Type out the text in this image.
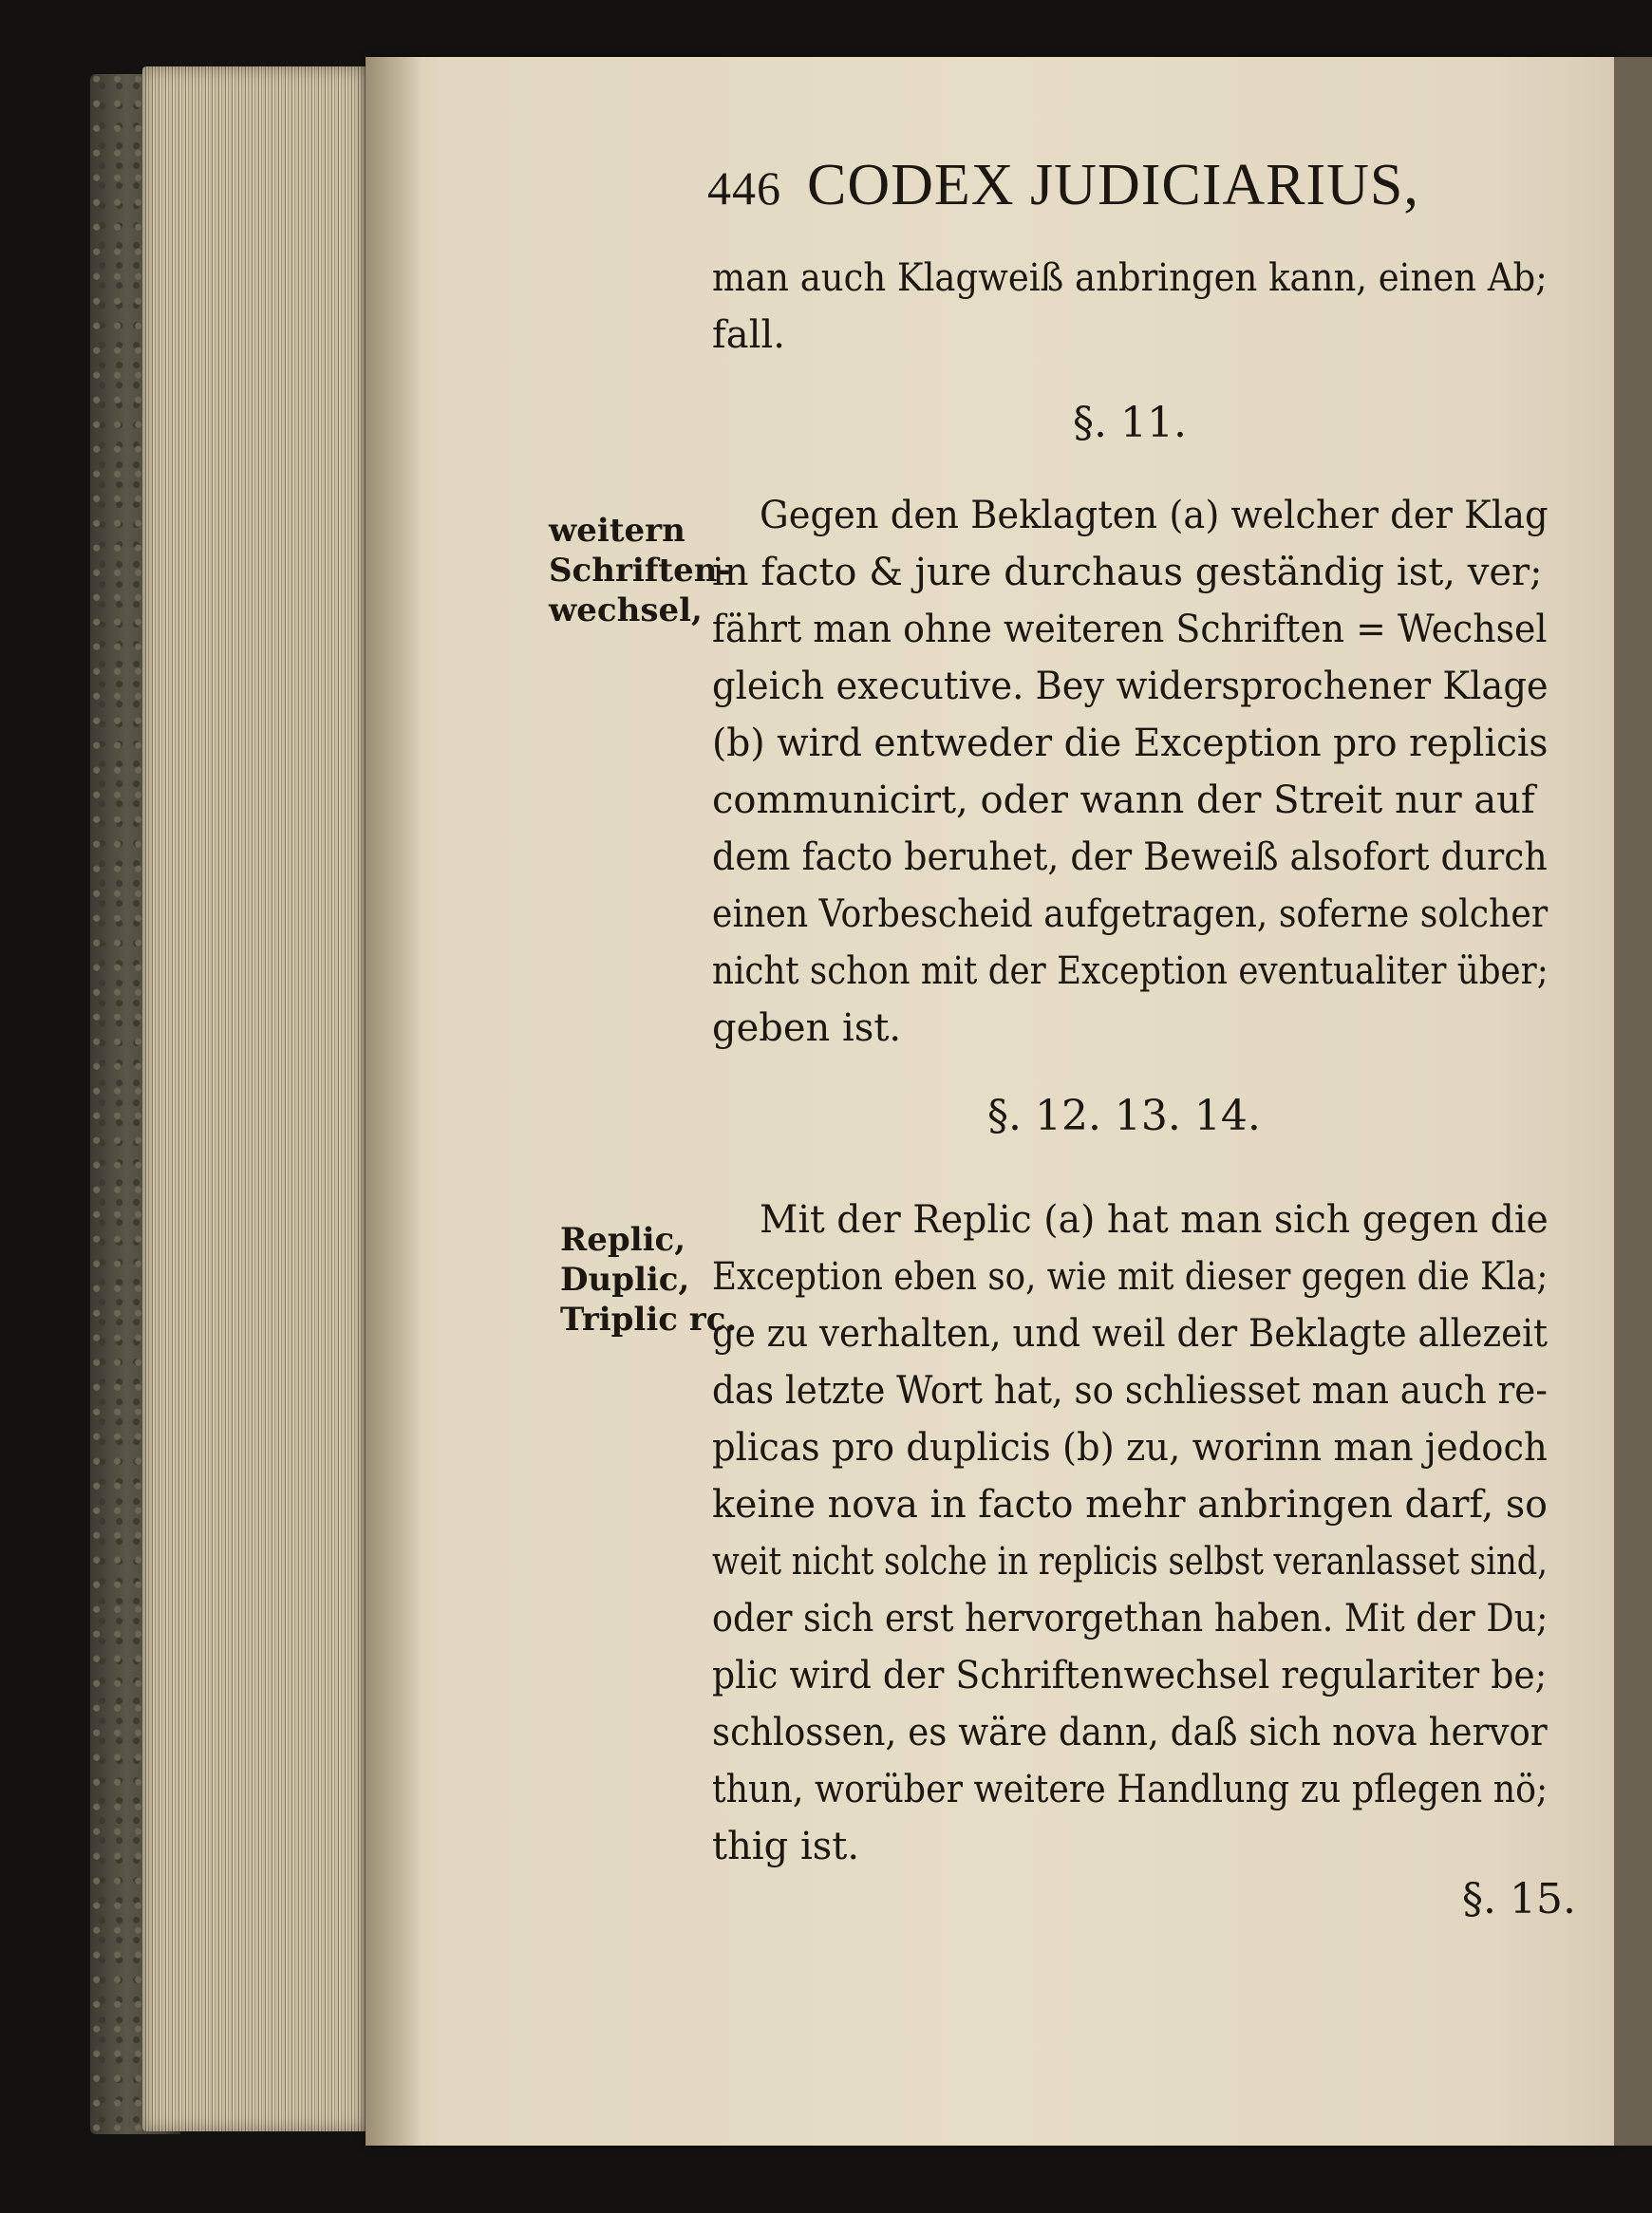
446 CODEX JUDICIARIUS,
man auch Klagweiß anbringen kann, einen Ab;
fall.
§. 11.
weitern
Schriften-
wechsel,
Gegen den Beklagten (a) welcher der Klag
in facto & jure durchaus geständig ist, ver;
fährt man ohne weiteren Schriften = Wechsel
gleich executive. Bey widersprochener Klage
(b) wird entweder die Exception pro replicis
communicirt, oder wann der Streit nur auf
dem facto beruhet, der Beweiß alsofort durch
einen Vorbescheid aufgetragen, soferne solcher
nicht schon mit der Exception eventualiter über;
geben ist.
§. 12. 13. 14.
Replic,
Duplic,
Triplic rc.
Mit der Replic (a) hat man sich gegen die
Exception eben so, wie mit dieser gegen die Kla;
ge zu verhalten, und weil der Beklagte allezeit
das letzte Wort hat, so schliesset man auch re-
plicas pro duplicis (b) zu, worinn man jedoch
keine nova in facto mehr anbringen darf, so
weit nicht solche in replicis selbst veranlasset sind,
oder sich erst hervorgethan haben. Mit der Du;
plic wird der Schriftenwechsel regulariter be;
schlossen, es wäre dann, daß sich nova hervor
thun, worüber weitere Handlung zu pflegen nö;
thig ist.
§. 15.
